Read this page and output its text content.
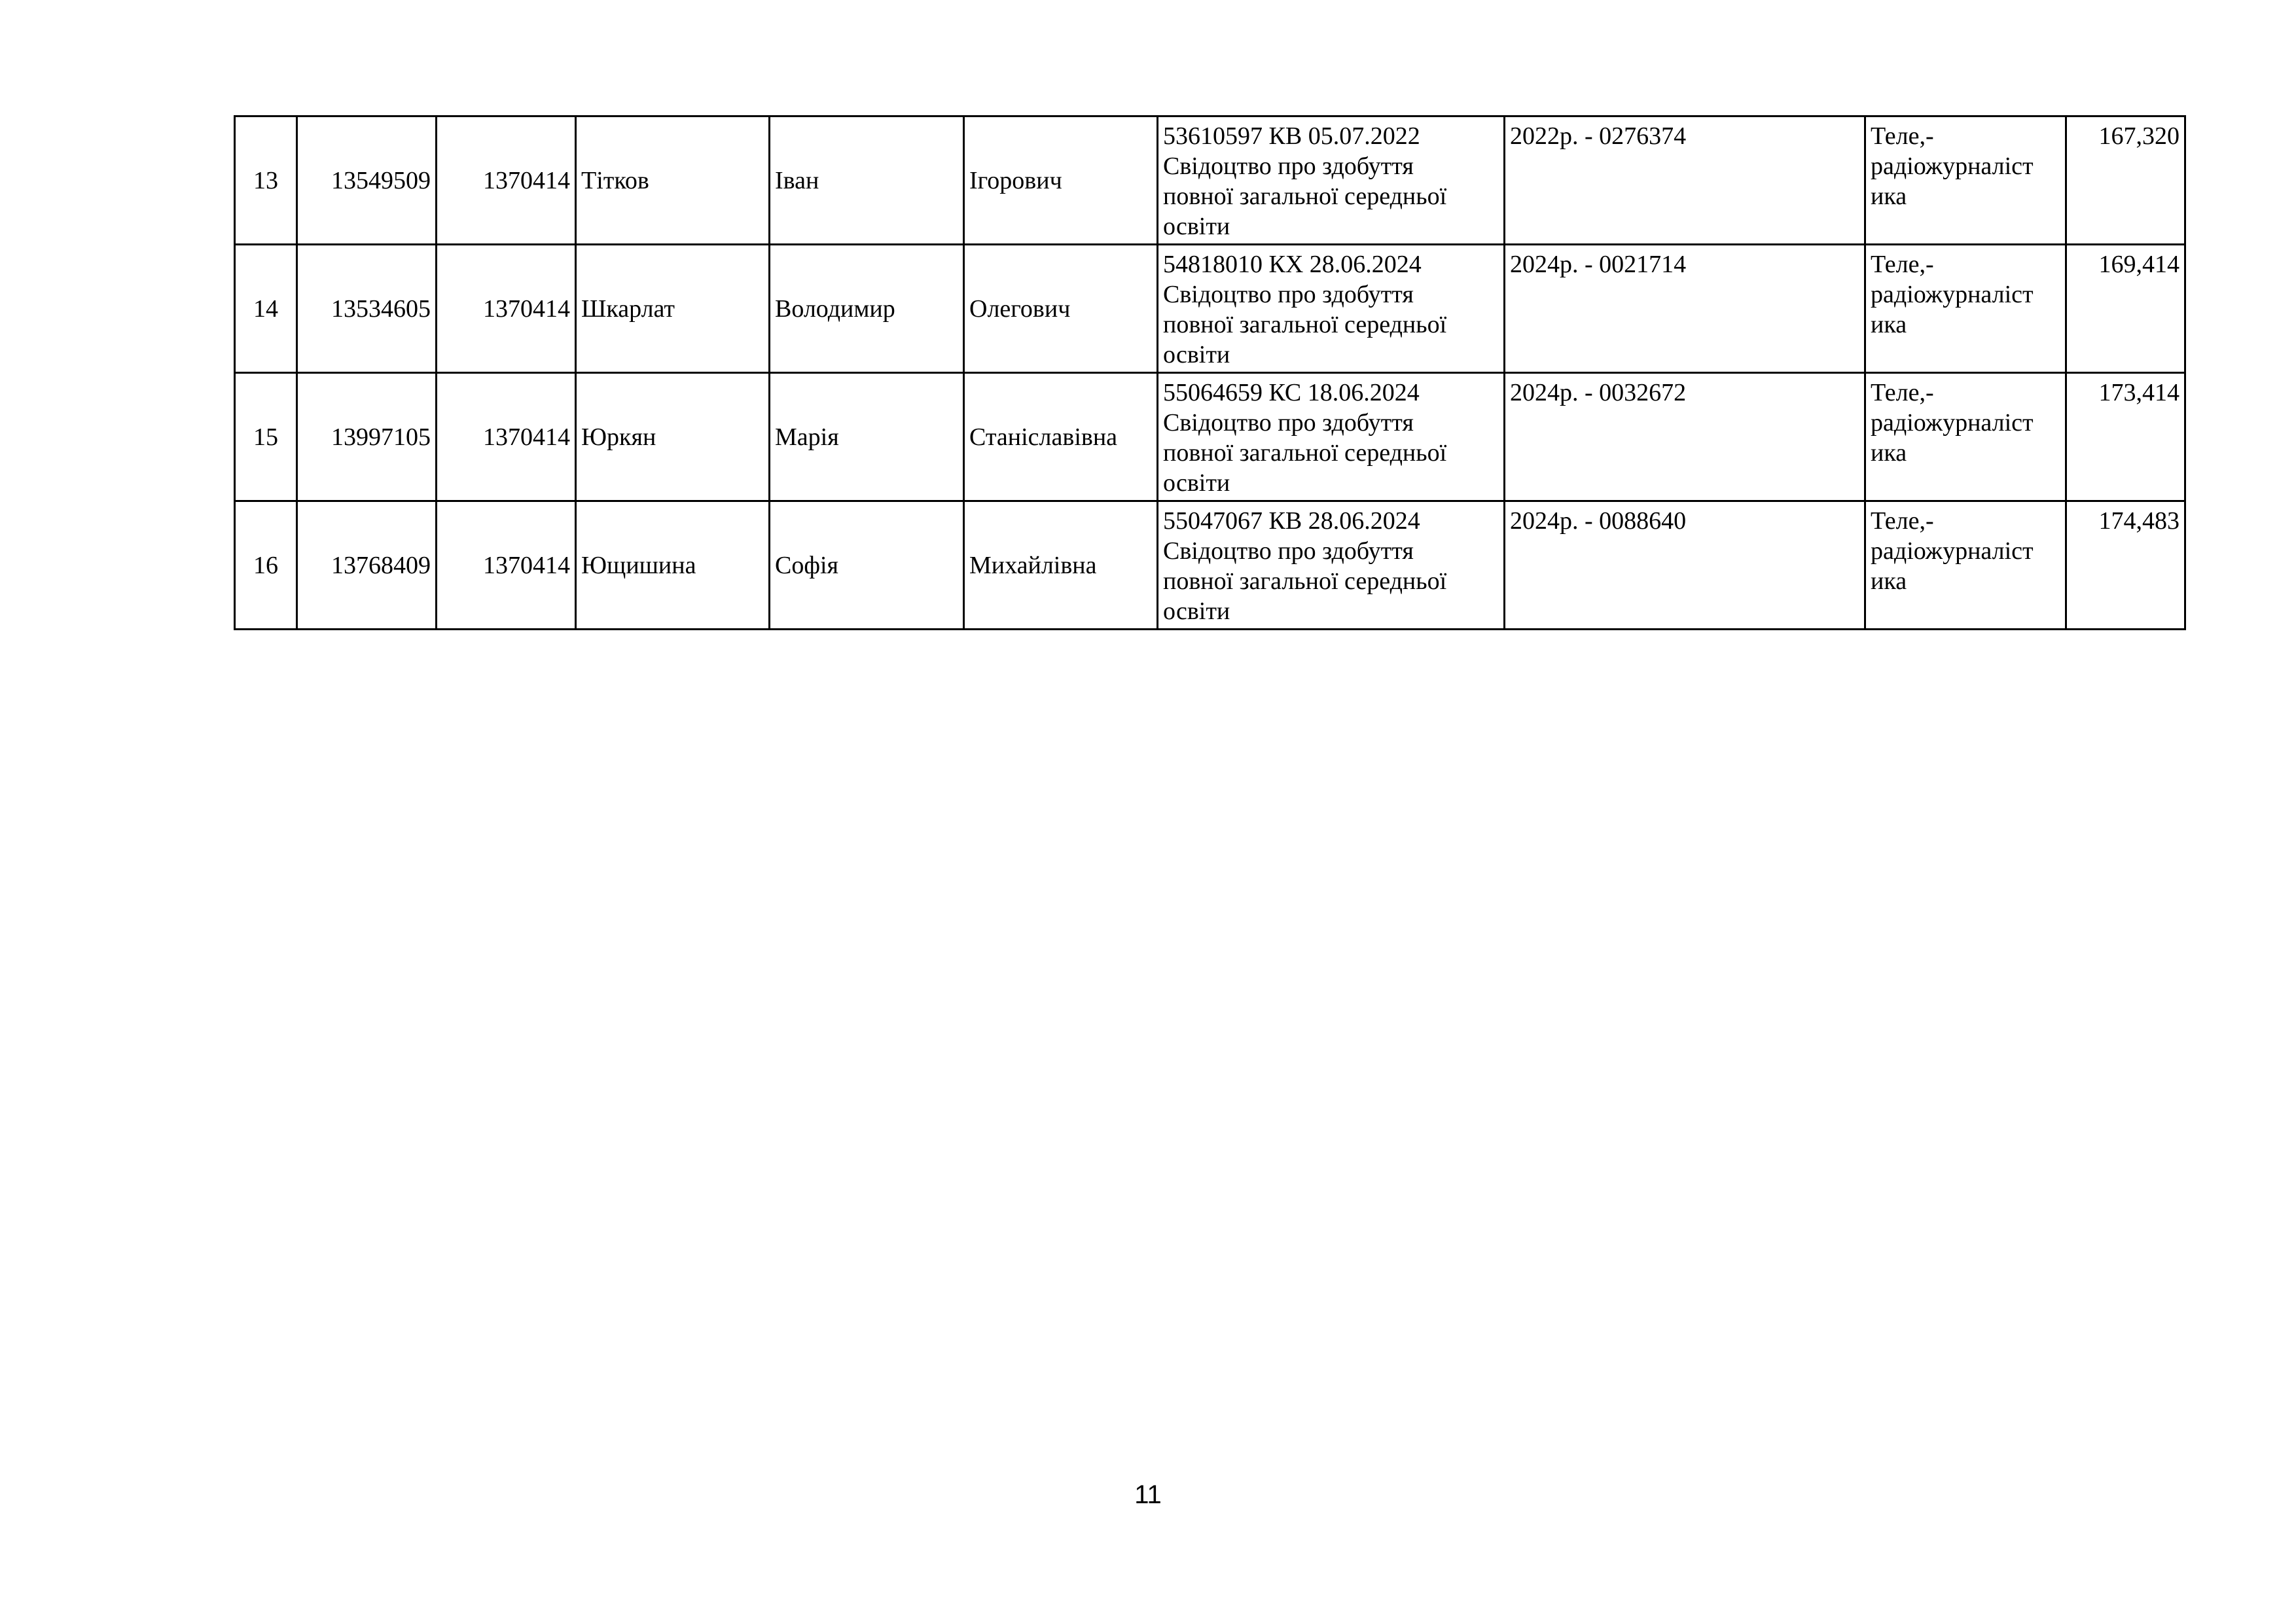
13	13549509	1370414	Тітков	Іван	Ігорович	53610597 КВ 05.07.2022
Свідоцтво про здобуття
повної загальної середньої
освіти	2022р. - 0276374	Теле,-
радіожурналіст
ика	167,320
14	13534605	1370414	Шкарлат	Володимир	Олегович	54818010 КХ 28.06.2024
Свідоцтво про здобуття
повної загальної середньої
освіти	2024р. - 0021714	Теле,-
радіожурналіст
ика	169,414
15	13997105	1370414	Юркян	Марія	Станіславівна	55064659 КС 18.06.2024
Свідоцтво про здобуття
повної загальної середньої
освіти	2024р. - 0032672	Теле,-
радіожурналіст
ика	173,414
16	13768409	1370414	Ющишина	Софія	Михайлівна	55047067 КВ 28.06.2024
Свідоцтво про здобуття
повної загальної середньої
освіти	2024р. - 0088640	Теле,-
радіожурналіст
ика	174,483
11
